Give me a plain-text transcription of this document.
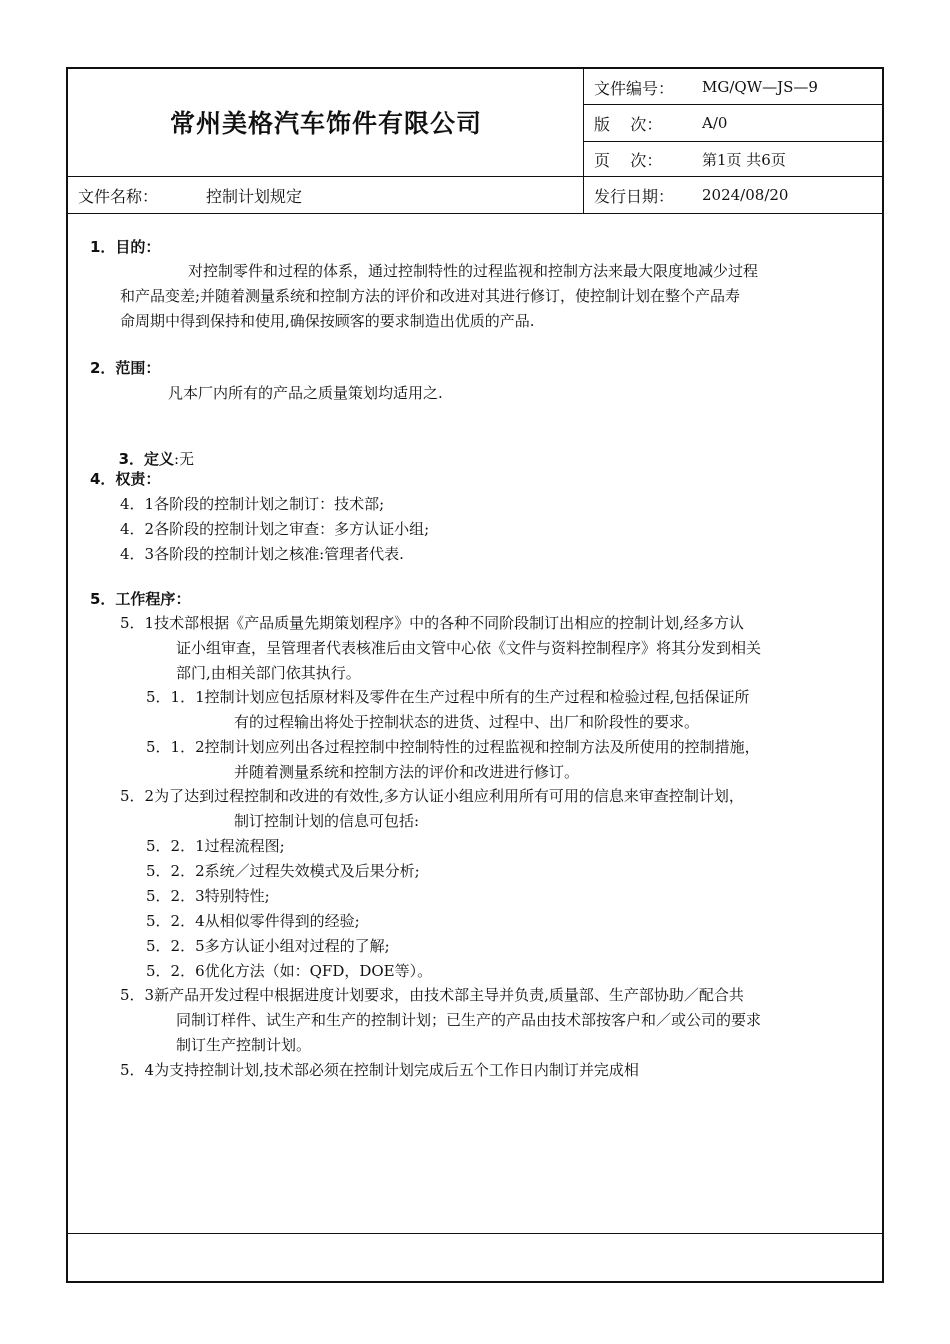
常州美格汽车饰件有限公司
文件编号：	MG/QW—JS—9
版    次：	A/0
页    次：	第1页 共6页
文件名称：	控制计划规定	发行日期：	2024/08/20
1．目的：
对控制零件和过程的体系，通过控制特性的过程监视和控制方法来最大限度地减少过程
和产品变差;并随着测量系统和控制方法的评价和改进对其进行修订，使控制计划在整个产品寿
命周期中得到保持和使用,确保按顾客的要求制造出优质的产品.
2．范围：
凡本厂内所有的产品之质量策划均适用之.

3．定义:无

4．权责：
4．1各阶段的控制计划之制订：技术部;
4．2各阶段的控制计划之审查：多方认证小组;
4．3各阶段的控制计划之核准:管理者代表.
5．工作程序：
5．1技术部根据《产品质量先期策划程序》中的各种不同阶段制订出相应的控制计划,经多方认
证小组审查，呈管理者代表核准后由文管中心依《文件与资料控制程序》将其分发到相关
部门,由相关部门依其执行。
5．1．1控制计划应包括原材料及零件在生产过程中所有的生产过程和检验过程,包括保证所
有的过程输出将处于控制状态的进货、过程中、出厂和阶段性的要求。
5．1．2控制计划应列出各过程控制中控制特性的过程监视和控制方法及所使用的控制措施，
并随着测量系统和控制方法的评价和改进进行修订。
5．2为了达到过程控制和改进的有效性,多方认证小组应利用所有可用的信息来审查控制计划，
制订控制计划的信息可包括:
5．2．1过程流程图;
5．2．2系统／过程失效模式及后果分析;
5．2．3特别特性;
5．2．4从相似零件得到的经验;
5．2．5多方认证小组对过程的了解;
5．2．6优化方法（如：QFD，DOE等）。
5．3新产品开发过程中根据进度计划要求，由技术部主导并负责,质量部、生产部协助／配合共
同制订样件、试生产和生产的控制计划；已生产的产品由技术部按客户和／或公司的要求
制订生产控制计划。
5．4为支持控制计划,技术部必须在控制计划完成后五个工作日内制订并完成相
